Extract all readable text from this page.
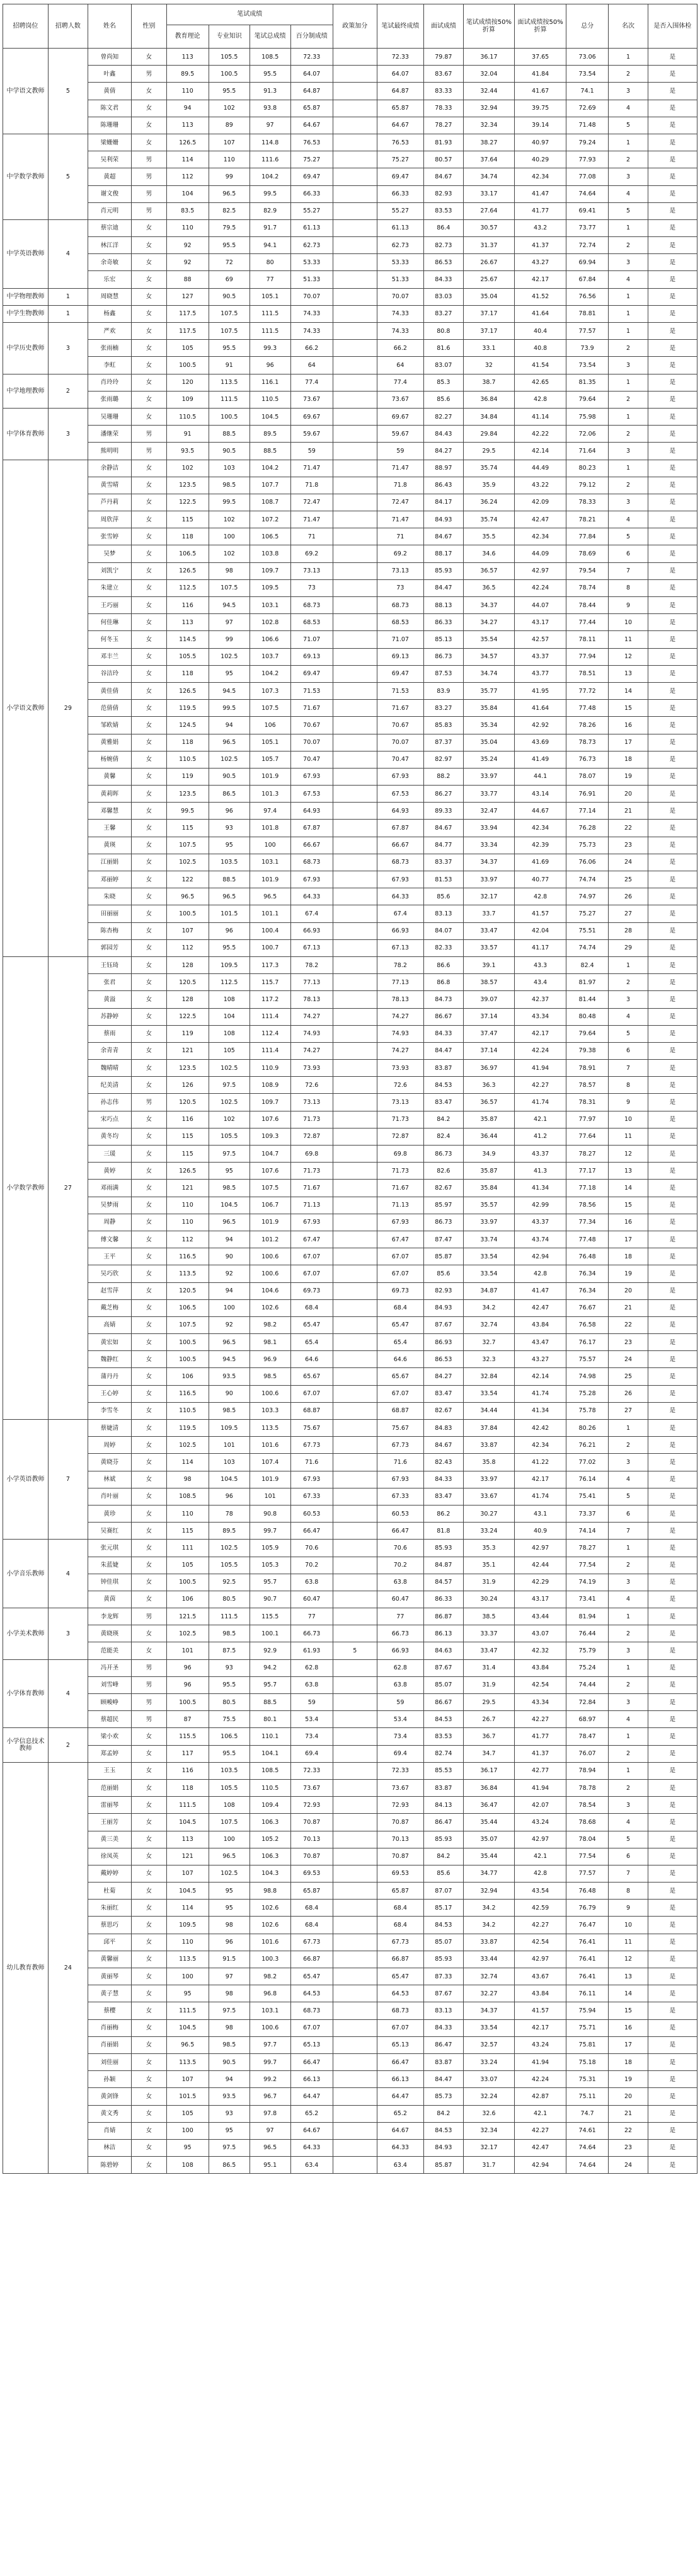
招聘岗位	招聘人数	姓名	性别	笔试成绩				政策加分	笔试最终成绩	面试成绩	笔试成绩按50%折算	面试成绩按50%折算	总分	名次	是否入围体检
				教育理论	专业知识	笔试总成绩	百分制成绩								
中学语文教师	5	曾尚知	女	113	105.5	108.5	72.33		72.33	79.87	36.17	37.65	73.06	1	是
		叶鑫	男	89.5	100.5	95.5	64.07		64.07	83.67	32.04	41.84	73.54	2	是
		黄倩	女	110	95.5	91.3	64.87		64.87	83.33	32.44	41.67	74.1	3	是
		陈文君	女	94	102	93.8	65.87		65.87	78.33	32.94	39.75	72.69	4	是
		陈珊珊	女	113	89	97	64.67		64.67	78.27	32.34	39.14	71.48	5	是
中学数学教师	5	梁姗姗	女	126.5	107	114.8	76.53		76.53	81.93	38.27	40.97	79.24	1	是
		吴利荣	男	114	110	111.6	75.27		75.27	80.57	37.64	40.29	77.93	2	是
		黄超	男	112	99	104.2	69.47		69.47	84.67	34.74	42.34	77.08	3	是
		谢文俊	男	104	96.5	99.5	66.33		66.33	82.93	33.17	41.47	74.64	4	是
		肖元明	男	83.5	82.5	82.9	55.27		55.27	83.53	27.64	41.77	69.41	5	是
中学英语教师	4	蔡宗迪	女	110	79.5	91.7	61.13		61.13	86.4	30.57	43.2	73.77	1	是
		林江洋	女	92	95.5	94.1	62.73		62.73	82.73	31.37	41.37	72.74	2	是
		余奇敏	女	92	72	80	53.33		53.33	86.53	26.67	43.27	69.94	3	是
		乐宏	女	88	69	77	51.33		51.33	84.33	25.67	42.17	67.84	4	是
中学物理教师	1	周晓慧	女	127	90.5	105.1	70.07		70.07	83.03	35.04	41.52	76.56	1	是
中学生物教师	1	杨鑫	女	117.5	107.5	111.5	74.33		74.33	83.27	37.17	41.64	78.81	1	是
中学历史教师	3	严欢	女	117.5	107.5	111.5	74.33		74.33	80.8	37.17	40.4	77.57	1	是
		张雨楠	女	105	95.5	99.3	66.2		66.2	81.6	33.1	40.8	73.9	2	是
		李虹	女	100.5	91	96	64		64	83.07	32	41.54	73.54	3	是
中学地理教师	2	肖玲玲	女	120	113.5	116.1	77.4		77.4	85.3	38.7	42.65	81.35	1	是
		张雨璐	女	109	111.5	110.5	73.67		73.67	85.6	36.84	42.8	79.64	2	是
中学体育教师	3	吴珊珊	女	110.5	100.5	104.5	69.67		69.67	82.27	34.84	41.14	75.98	1	是
		潘继荣	男	91	88.5	89.5	59.67		59.67	84.43	29.84	42.22	72.06	2	是
		熊明明	男	93.5	90.5	88.5	59		59	84.27	29.5	42.14	71.64	3	是
小学语文教师	29	余静洁	女	102	103	104.2	71.47		71.47	88.97	35.74	44.49	80.23	1	是
		黄雪晴	女	123.5	98.5	107.7	71.8		71.8	86.43	35.9	43.22	79.12	2	是
		芦丹莉	女	122.5	99.5	108.7	72.47		72.47	84.17	36.24	42.09	78.33	3	是
		周欣萍	女	115	102	107.2	71.47		71.47	84.93	35.74	42.47	78.21	4	是
		张雪婷	女	118	100	106.5	71		71	84.67	35.5	42.34	77.84	5	是
		吴梦	女	106.5	102	103.8	69.2		69.2	88.17	34.6	44.09	78.69	6	是
		刘凯宁	女	126.5	98	109.7	73.13		73.13	85.93	36.57	42.97	79.54	7	是
		朱建立	女	112.5	107.5	109.5	73		73	84.47	36.5	42.24	78.74	8	是
		王巧丽	女	116	94.5	103.1	68.73		68.73	88.13	34.37	44.07	78.44	9	是
		何佳琳	女	113	97	102.8	68.53		68.53	86.33	34.27	43.17	77.44	10	是
		何冬玉	女	114.5	99	106.6	71.07		71.07	85.13	35.54	42.57	78.11	11	是
		邓丰兰	女	105.5	102.5	103.7	69.13		69.13	86.73	34.57	43.37	77.94	12	是
		谷洁玲	女	118	95	104.2	69.47		69.47	87.53	34.74	43.77	78.51	13	是
		黄佳倩	女	126.5	94.5	107.3	71.53		71.53	83.9	35.77	41.95	77.72	14	是
		范倩倩	女	119.5	99.5	107.5	71.67		71.67	83.27	35.84	41.64	77.48	15	是
		邹欧婧	女	124.5	94	106	70.67		70.67	85.83	35.34	42.92	78.26	16	是
		黄雅娟	女	118	96.5	105.1	70.07		70.07	87.37	35.04	43.69	78.73	17	是
		杨婉倩	女	110.5	102.5	105.7	70.47		70.47	82.97	35.24	41.49	76.73	18	是
		黄馨	女	119	90.5	101.9	67.93		67.93	88.2	33.97	44.1	78.07	19	是
		黄莉晖	女	123.5	86.5	101.3	67.53		67.53	86.27	33.77	43.14	76.91	20	是
		邓馨慧	女	99.5	96	97.4	64.93		64.93	89.33	32.47	44.67	77.14	21	是
		王馨	女	115	93	101.8	67.87		67.87	84.67	33.94	42.34	76.28	22	是
		黄瑛	女	107.5	95	100	66.67		66.67	84.77	33.34	42.39	75.73	23	是
		江丽娟	女	102.5	103.5	103.1	68.73		68.73	83.37	34.37	41.69	76.06	24	是
		邓丽婷	女	122	88.5	101.9	67.93		67.93	81.53	33.97	40.77	74.74	25	是
		朱晓	女	96.5	96.5	96.5	64.33		64.33	85.6	32.17	42.8	74.97	26	是
		田丽丽	女	100.5	101.5	101.1	67.4		67.4	83.13	33.7	41.57	75.27	27	是
		陈杏梅	女	107	96	100.4	66.93		66.93	84.07	33.47	42.04	75.51	28	是
		郭园芳	女	112	95.5	100.7	67.13		67.13	82.33	33.57	41.17	74.74	29	是
小学数学教师	27	王钰琦	女	128	109.5	117.3	78.2		78.2	86.6	39.1	43.3	82.4	1	是
		张君	女	120.5	112.5	115.7	77.13		77.13	86.8	38.57	43.4	81.97	2	是
		黄溢	女	128	108	117.2	78.13		78.13	84.73	39.07	42.37	81.44	3	是
		苏静婷	女	122.5	104	111.4	74.27		74.27	86.67	37.14	43.34	80.48	4	是
		蔡雨	女	119	108	112.4	74.93		74.93	84.33	37.47	42.17	79.64	5	是
		余青青	女	121	105	111.4	74.27		74.27	84.47	37.14	42.24	79.38	6	是
		魏晴晴	女	123.5	102.5	110.9	73.93		73.93	83.87	36.97	41.94	78.91	7	是
		纪美清	女	126	97.5	108.9	72.6		72.6	84.53	36.3	42.27	78.57	8	是
		孙志伟	男	120.5	102.5	109.7	73.13		73.13	83.47	36.57	41.74	78.31	9	是
		宋巧点	女	116	102	107.6	71.73		71.73	84.2	35.87	42.1	77.97	10	是
		黄冬均	女	115	105.5	109.3	72.87		72.87	82.4	36.44	41.2	77.64	11	是
		三瑗	女	115	97.5	104.7	69.8		69.8	86.73	34.9	43.37	78.27	12	是
		黄婷	女	126.5	95	107.6	71.73		71.73	82.6	35.87	41.3	77.17	13	是
		邓雨满	女	121	98.5	107.5	71.67		71.67	82.67	35.84	41.34	77.18	14	是
		吴梦雨	女	110	104.5	106.7	71.13		71.13	85.97	35.57	42.99	78.56	15	是
		周静	女	110	96.5	101.9	67.93		67.93	86.73	33.97	43.37	77.34	16	是
		傅文馨	女	112	94	101.2	67.47		67.47	87.47	33.74	43.74	77.48	17	是
		王平	女	116.5	90	100.6	67.07		67.07	85.87	33.54	42.94	76.48	18	是
		吴巧欣	女	113.5	92	100.6	67.07		67.07	85.6	33.54	42.8	76.34	19	是
		赵雪萍	女	120.5	94	104.6	69.73		69.73	82.93	34.87	41.47	76.34	20	是
		戴芝梅	女	106.5	100	102.6	68.4		68.4	84.93	34.2	42.47	76.67	21	是
		高婧	女	107.5	92	98.2	65.47		65.47	87.67	32.74	43.84	76.58	22	是
		黄宏如	女	100.5	96.5	98.1	65.4		65.4	86.93	32.7	43.47	76.17	23	是
		魏静红	女	100.5	94.5	96.9	64.6		64.6	86.53	32.3	43.27	75.57	24	是
		蒲丹丹	女	106	93.5	98.5	65.67		65.67	84.27	32.84	42.14	74.98	25	是
		王心婷	女	116.5	90	100.6	67.07		67.07	83.47	33.54	41.74	75.28	26	是
		李雪冬	女	110.5	98.5	103.3	68.87		68.87	82.67	34.44	41.34	75.78	27	是
小学英语教师	7	蔡婕清	女	119.5	109.5	113.5	75.67		75.67	84.83	37.84	42.42	80.26	1	是
		周婷	女	102.5	101	101.6	67.73		67.73	84.67	33.87	42.34	76.21	2	是
		黄晓芬	女	114	103	107.4	71.6		71.6	82.43	35.8	41.22	77.02	3	是
		林斌	女	98	104.5	101.9	67.93		67.93	84.33	33.97	42.17	76.14	4	是
		肖叶丽	女	108.5	96	101	67.33		67.33	83.47	33.67	41.74	75.41	5	是
		黄珍	女	110	78	90.8	60.53		60.53	86.2	30.27	43.1	73.37	6	是
		吴赛红	女	115	89.5	99.7	66.47		66.47	81.8	33.24	40.9	74.14	7	是
小学音乐教师	4	张元琪	女	111	102.5	105.9	70.6		70.6	85.93	35.3	42.97	78.27	1	是
		朱蓝婕	女	105	105.5	105.3	70.2		70.2	84.87	35.1	42.44	77.54	2	是
		钟佳琪	女	100.5	92.5	95.7	63.8		63.8	84.57	31.9	42.29	74.19	3	是
		黄茵	女	106	80.5	90.7	60.47		60.47	86.33	30.24	43.17	73.41	4	是
小学美术教师	3	李龙辉	男	121.5	111.5	115.5	77		77	86.87	38.5	43.44	81.94	1	是
		黄晓瑛	女	102.5	98.5	100.1	66.73		66.73	86.13	33.37	43.07	76.44	2	是
		范能美	女	101	87.5	92.9	61.93	5	66.93	84.63	33.47	42.32	75.79	3	是
小学体育教师	4	冯开圣	男	96	93	94.2	62.8		62.8	87.67	31.4	43.84	75.24	1	是
		刘雪峰	男	96	95.5	95.7	63.8		63.8	85.07	31.9	42.54	74.44	2	是
		顾峻峥	男	100.5	80.5	88.5	59		59	86.67	29.5	43.34	72.84	3	是
		蔡超民	男	87	75.5	80.1	53.4		53.4	84.53	26.7	42.27	68.97	4	是
小学信息技术教师	2	梁小欢	女	115.5	106.5	110.1	73.4		73.4	83.53	36.7	41.77	78.47	1	是
		郑孟婷	女	117	95.5	104.1	69.4		69.4	82.74	34.7	41.37	76.07	2	是
幼儿教育教师	24	王玉	女	116	103.5	108.5	72.33		72.33	85.53	36.17	42.77	78.94	1	是
		范丽娟	女	118	105.5	110.5	73.67		73.67	83.87	36.84	41.94	78.78	2	是
		雷丽琴	女	111.5	108	109.4	72.93		72.93	84.13	36.47	42.07	78.54	3	是
		王丽芳	女	104.5	107.5	106.3	70.87		70.87	86.47	35.44	43.24	78.68	4	是
		黄三美	女	113	100	105.2	70.13		70.13	85.93	35.07	42.97	78.04	5	是
		徐凤英	女	121	96.5	106.3	70.87		70.87	84.2	35.44	42.1	77.54	6	是
		戴婷婷	女	107	102.5	104.3	69.53		69.53	85.6	34.77	42.8	77.57	7	是
		杜菊	女	104.5	95	98.8	65.87		65.87	87.07	32.94	43.54	76.48	8	是
		朱丽红	女	114	95	102.6	68.4		68.4	85.17	34.2	42.59	76.79	9	是
		蔡思巧	女	109.5	98	102.6	68.4		68.4	84.53	34.2	42.27	76.47	10	是
		邱平	女	110	96	101.6	67.73		67.73	85.07	33.87	42.54	76.41	11	是
		黄馨丽	女	113.5	91.5	100.3	66.87		66.87	85.93	33.44	42.97	76.41	12	是
		黄丽琴	女	100	97	98.2	65.47		65.47	87.33	32.74	43.67	76.41	13	是
		黄子慧	女	95	98	96.8	64.53		64.53	87.67	32.27	43.84	76.11	14	是
		蔡樱	女	111.5	97.5	103.1	68.73		68.73	83.13	34.37	41.57	75.94	15	是
		肖丽梅	女	104.5	98	100.6	67.07		67.07	84.33	33.54	42.17	75.71	16	是
		肖丽娟	女	96.5	98.5	97.7	65.13		65.13	86.47	32.57	43.24	75.81	17	是
		刘佳丽	女	113.5	90.5	99.7	66.47		66.47	83.87	33.24	41.94	75.18	18	是
		孙颖	女	107	94	99.2	66.13		66.13	84.47	33.07	42.24	75.31	19	是
		黄剑锋	女	101.5	93.5	96.7	64.47		64.47	85.73	32.24	42.87	75.11	20	是
		黄文秀	女	105	93	97.8	65.2		65.2	84.2	32.6	42.1	74.7	21	是
		肖婧	女	100	95	97	64.67		64.67	84.53	32.34	42.27	74.61	22	是
		林洁	女	95	97.5	96.5	64.33		64.33	84.93	32.17	42.47	74.64	23	是
		陈碧婷	女	108	86.5	95.1	63.4		63.4	85.87	31.7	42.94	74.64	24	是
